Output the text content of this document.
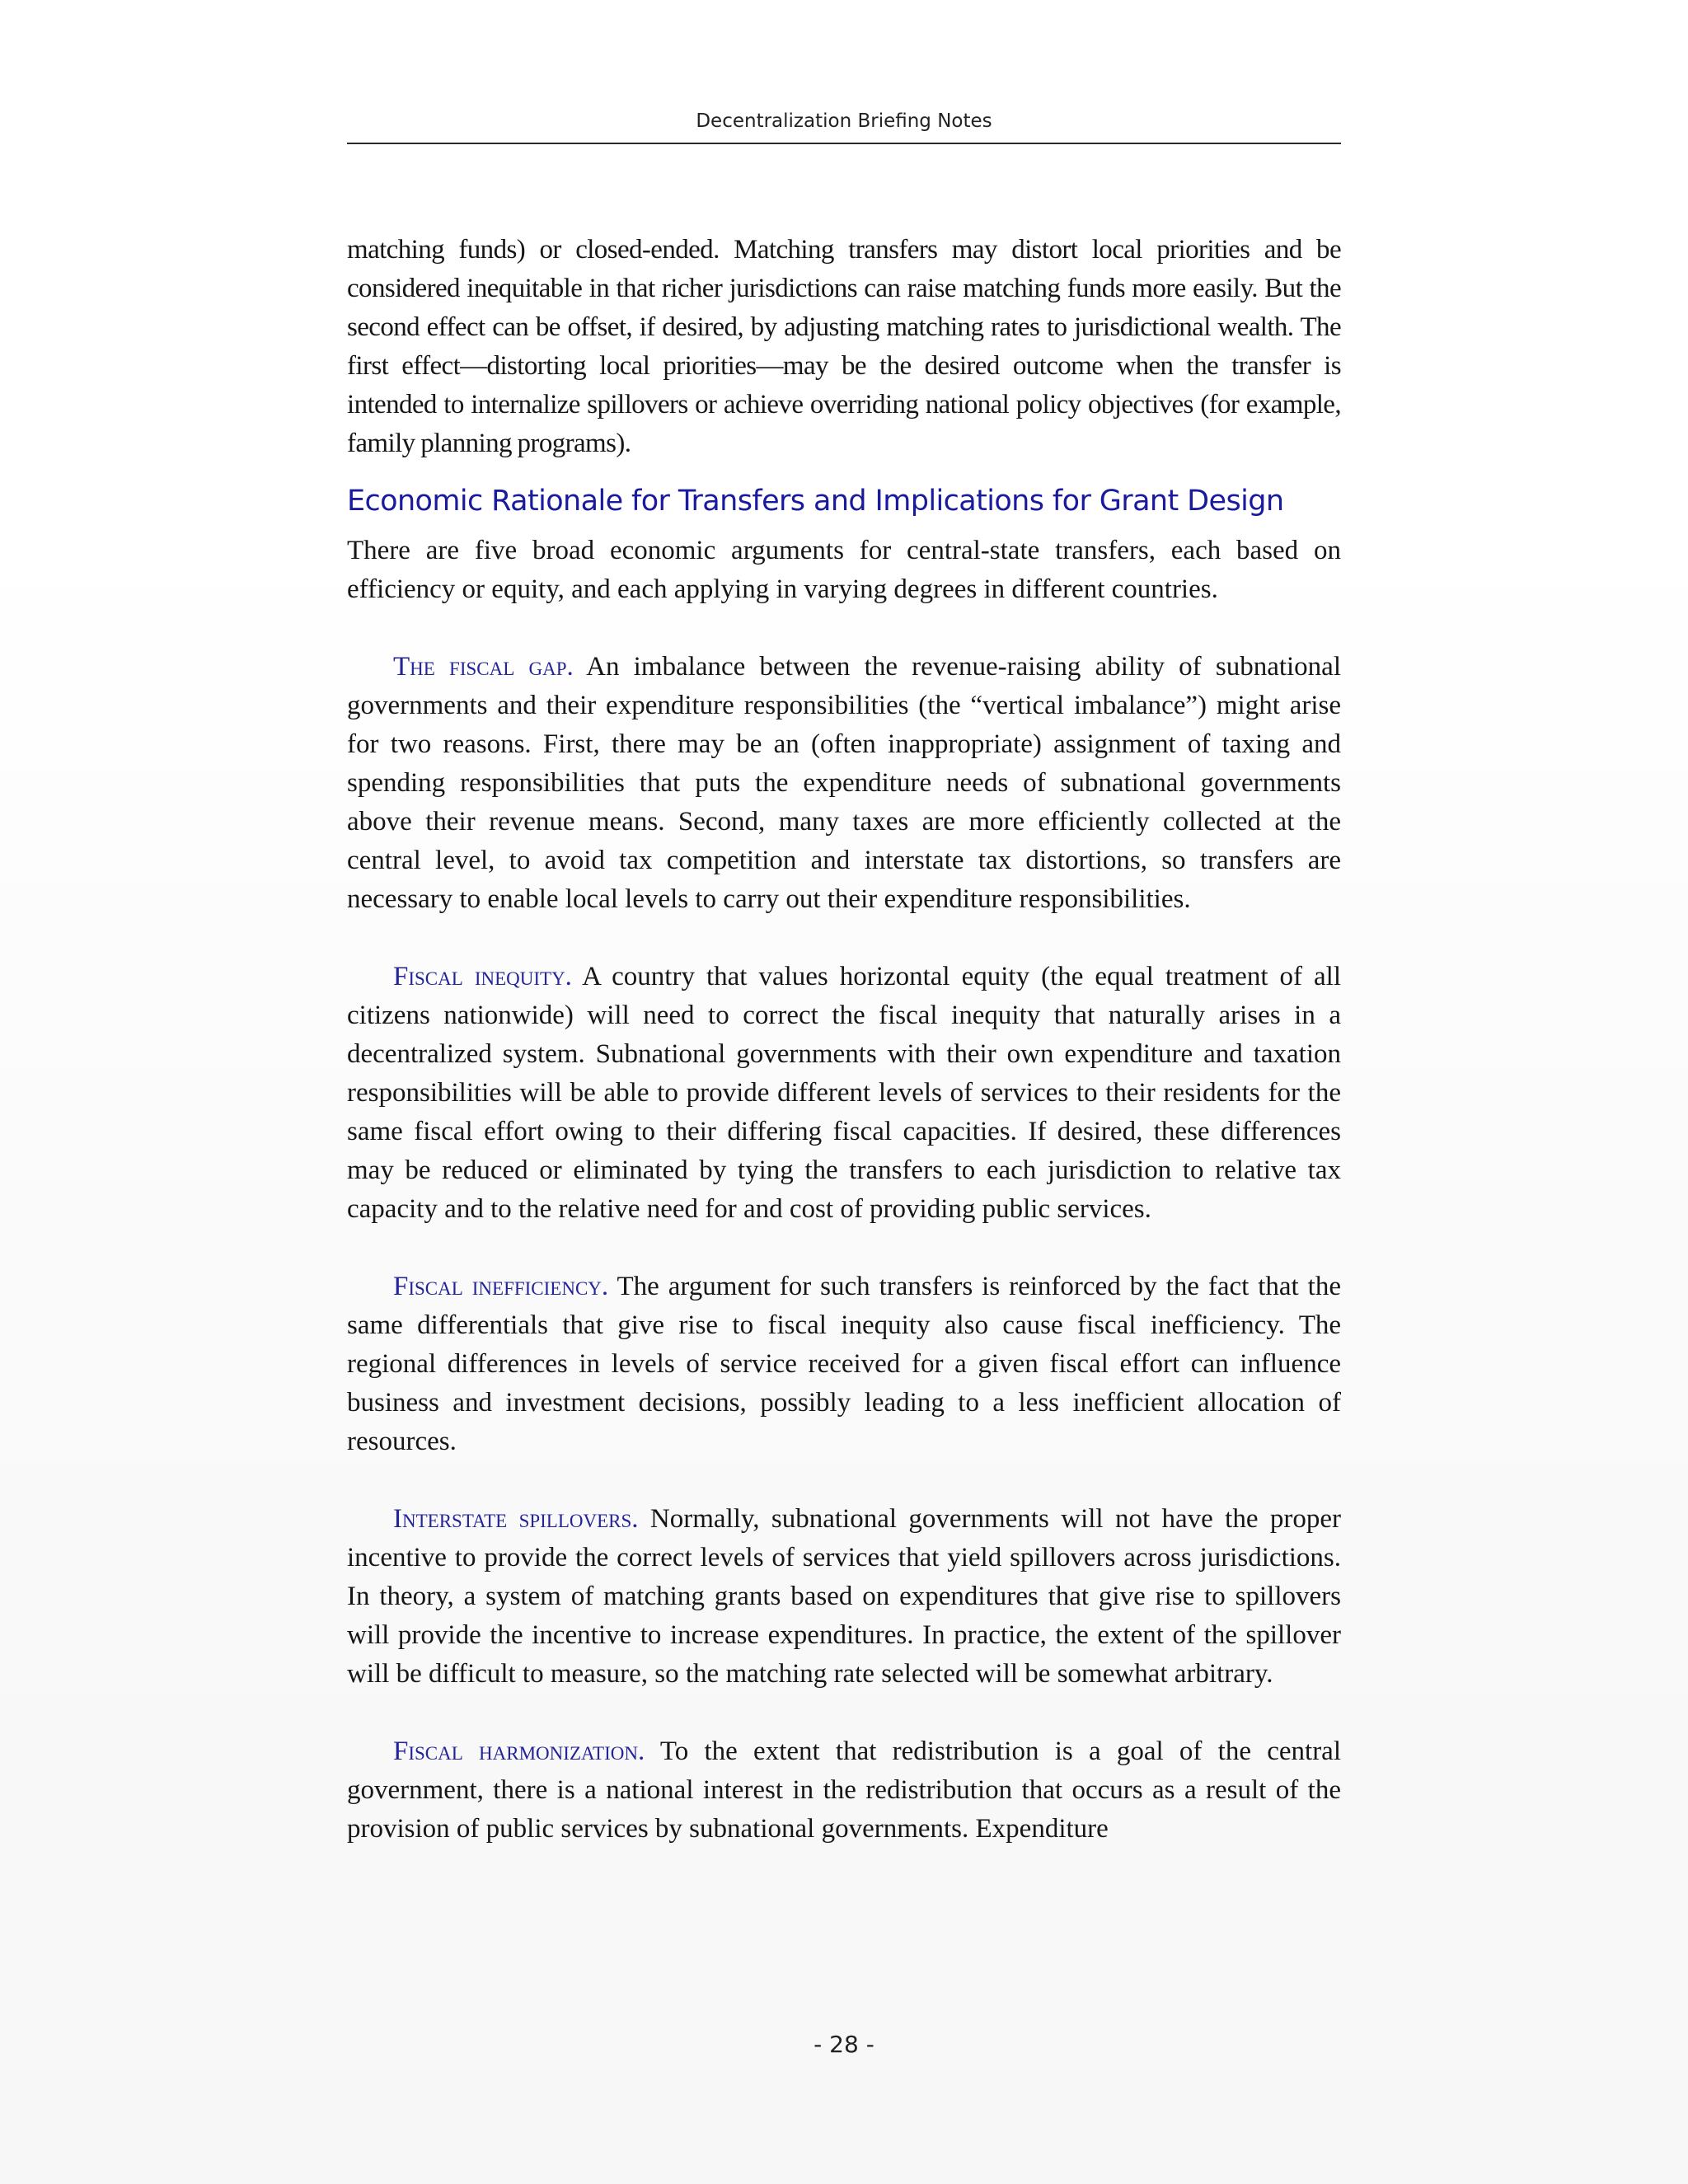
Decentralization Briefing Notes

matching funds) or closed-ended. Matching transfers may distort local priorities and be considered inequitable in that richer jurisdictions can raise matching funds more easily. But the second effect can be offset, if desired, by adjusting matching rates to jurisdictional wealth. The first effect—distorting local priorities—may be the desired outcome when the transfer is intended to internalize spillovers or achieve overriding national policy objectives (for example, family planning programs).

Economic Rationale for Transfers and Implications for Grant Design

There are five broad economic arguments for central-state transfers, each based on efficiency or equity, and each applying in varying degrees in different countries.

The fiscal gap. An imbalance between the revenue-raising ability of subnational governments and their expenditure responsibilities (the “vertical imbalance”) might arise for two reasons. First, there may be an (often inappropriate) assignment of taxing and spending responsibilities that puts the expenditure needs of subnational governments above their revenue means. Second, many taxes are more efficiently collected at the central level, to avoid tax competition and interstate tax distortions, so transfers are necessary to enable local levels to carry out their expenditure responsibilities.

Fiscal inequity. A country that values horizontal equity (the equal treatment of all citizens nationwide) will need to correct the fiscal inequity that naturally arises in a decentralized system. Subnational governments with their own expenditure and taxation responsibilities will be able to provide different levels of services to their residents for the same fiscal effort owing to their differing fiscal capacities. If desired, these differences may be reduced or eliminated by tying the transfers to each jurisdiction to relative tax capacity and to the relative need for and cost of providing public services.

Fiscal inefficiency. The argument for such transfers is reinforced by the fact that the same differentials that give rise to fiscal inequity also cause fiscal inefficiency. The regional differences in levels of service received for a given fiscal effort can influence business and investment decisions, possibly leading to a less inefficient allocation of resources.

Interstate spillovers. Normally, subnational governments will not have the proper incentive to provide the correct levels of services that yield spillovers across jurisdictions. In theory, a system of matching grants based on expenditures that give rise to spillovers will provide the incentive to increase expenditures. In practice, the extent of the spillover will be difficult to measure, so the matching rate selected will be somewhat arbitrary.

Fiscal harmonization. To the extent that redistribution is a goal of the central government, there is a national interest in the redistribution that occurs as a result of the provision of public services by subnational governments. Expenditure

- 28 -
